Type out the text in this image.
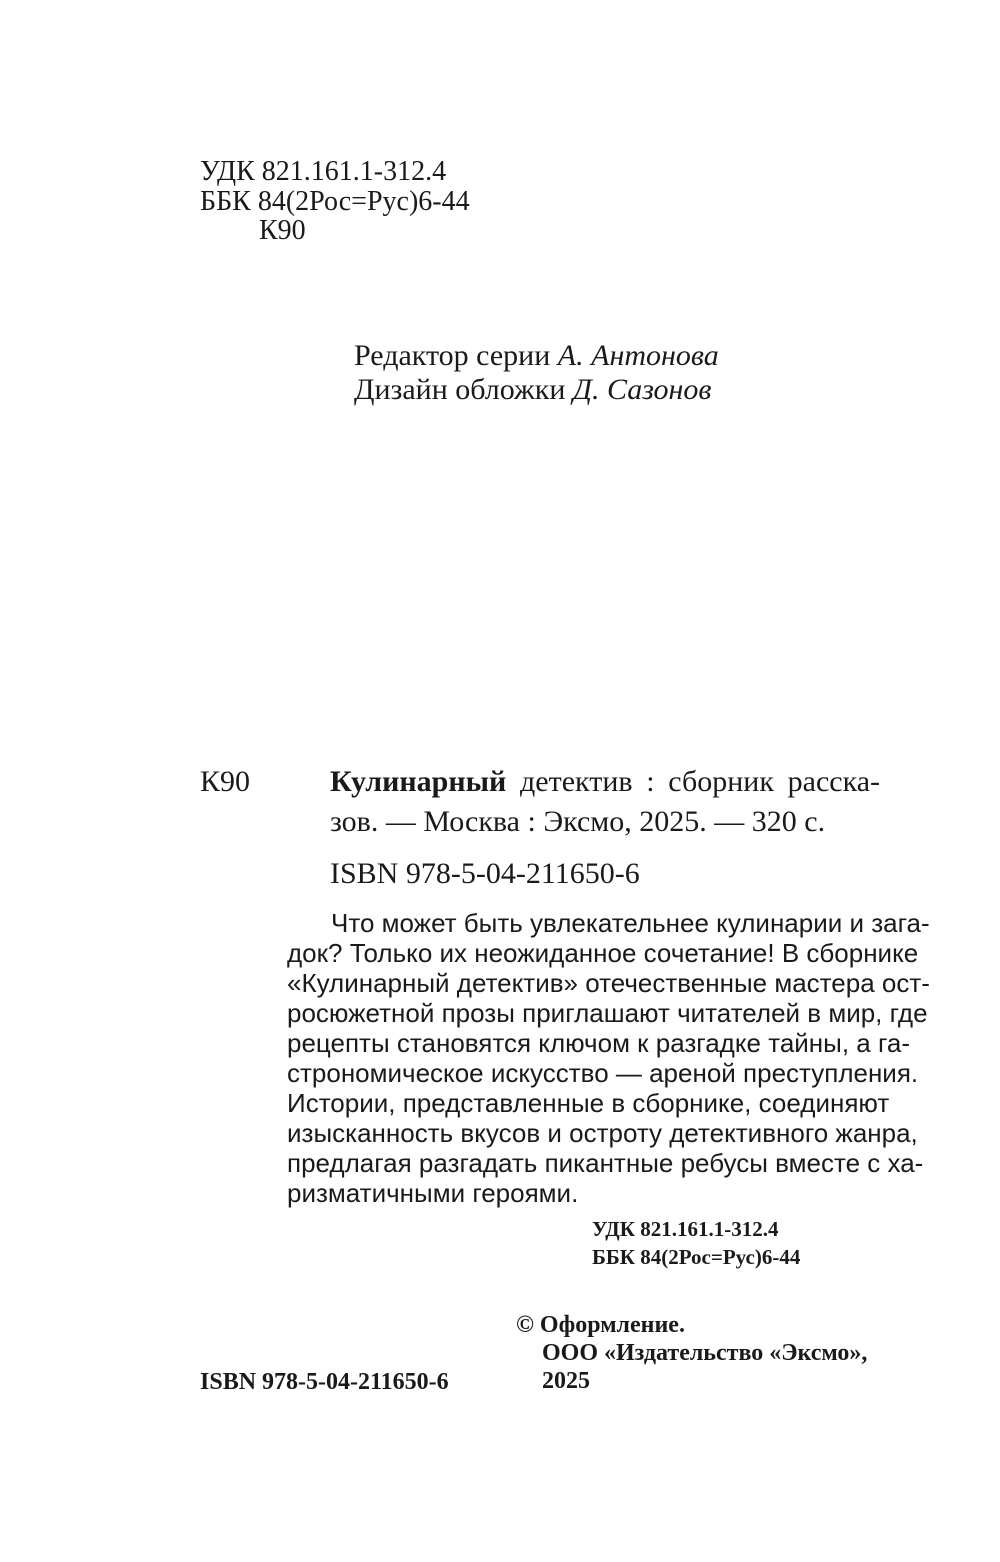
УДК 821.161.1-312.4
ББК 84(2Рос=Рус)6-44
К90
Редактор серии А. Антонова
Дизайн обложки Д. Сазонов
К90	Кулинарный детектив : сборник расска-
зов. — Москва : Эксмо, 2025. — 320 с.
ISBN 978-5-04-211650-6
Что может быть увлекательнее кулинарии и зага-
док? Только их неожиданное сочетание! В сборнике
«Кулинарный детектив» отечественные мастера ост-
росюжетной прозы приглашают читателей в мир, где
рецепты становятся ключом к разгадке тайны, а га-
строномическое искусство — ареной преступления.
Истории, представленные в сборнике, соединяют
изысканность вкусов и остроту детективного жанра,
предлагая разгадать пикантные ребусы вместе с ха-
ризматичными героями.
УДК 821.161.1-312.4
ББК 84(2Рос=Рус)6-44
ISBN 978-5-04-211650-6
© Оформление.
ООО «Издательство «Эксмо»,
2025
